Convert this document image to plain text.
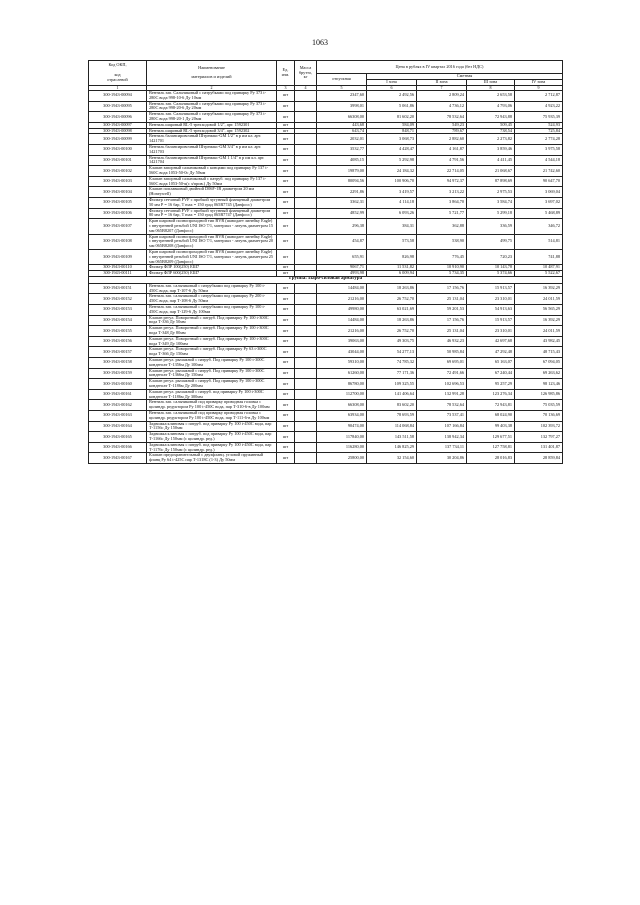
1063
Код ОКП,

код
отраслевой	Наименование

материалов и изделий	Ед.
изм.	Масса
брутто,
кг	Цена в рублях в IV квартал 2016 года (без НДС)				
				отпускная	Сметная			
					I зона	II зона	III зона	IV зона
1	2	3	4	5	6	7	8	9
300-1943-00094	Вентиль зап. Сальниковый с патрубками под приварку Ру 373 t-280С вода 998-10-6 Ду 10мм	шт		2347,60	2 492,56	2 809,24	2 653,58	2 712,87
300-1943-00095	Вентиль зап. Сальниковый с патрубками под приварку Ру 373 t-280С вода 998-20-6 Ду 20мм	шт		3998,01	5 061,86	4 736,12	4 793,06	4 923,22
300-1943-00096	Вентиль зап. Сальниковый с патрубками под приварку Ру 373 t-280С вода 998-20-1 Ду 20мм	шт		66308,00	81 602,20	78 532,64	72 943,88	75 935,39
300-1943-00097	Вентиль шаровый RL-5 трехходовой 1/2", арт. 1592301	шт		443,68	584,09	549,23	509,45	524,93
300-1943-00098	Вентиль шаровый RL-5 трехходовой 3/4", арт. 1592302	шт		643,74	848,71	789,67	738,54	725,84
300-1943-00099	Вентиль балансировочный Штремакс-GM 1/2" в р им кл. арт. 1421701	шт		2032,01	3 068,73	2 882,60	2 273,82	2 774,28
300-1943-00100	Вентиль балансировочный Штремакс-GM 3/4" в р им кл. арт. 1421703	шт		3532,77	4 428,47	4 161,87	3 859,46	3 975,58
300-1943-00101	Вентиль балансировочный Штремакс-GM 1 1/4" в р им кл. арт. 1421704	шт		4085,15	5 292,98	4 791,56	4 411,45	4 544,18
300-1943-00102	Клапан запорный сальниковый с концами под приварку Ру 137 t-560С вода 1053-50-0с Ду 50мм	шт		19879,00	24 184,32	22 714,05	21 068,67	21 742,60
300-1943-00103	Клапан запорный сальниковый с патруб. под приварку Ру 137 t-560С вода 1053-50-к(с э/прив.) Ду 50мм	шт		80094,56	100 906,70	94 972,37	87 898,69	90 647,70
300-1943-00104	Клапан поплавковый двойной D06F-1B диаметром 20 мм (Honeywell)	шт		2291,86	3 419,57	3 213,22	2 975,53	3 069,04
300-1943-00105	Фильтр сетчатый FVF с пробкой чугунный фланцевый диаметром 50 мм Р = 16 бар, Т max = 150 град 065B7745 (Данфосс)	шт		3362,31	4 114,18	3 864,70	3 584,74	3 697,02
300-1943-00106	Фильтр сетчатый FVF с пробкой чугунный фланцевый диаметром 80 мм Р = 16 бар, Т max = 150 град 065B7747 (Данфосс)	шт		4852,99	6 093,26	5 721,77	5 299,18	5 468,89
300-1943-00107	Кран шаровой полнопроходной тип BVR (шаводает линейку Eagle) с внутренней резьбой UNI ISO 7/1, материал - латунь диаметром 15 мм 065B8207 (Данфосс)	шт		296,38	384,31	362,88	336,59	346,72
300-1943-00108	Кран шаровой полнопроходной тип BVR (шаводает линейку Eagle) с внутренней резьбой UNI ISO 7/1, материал - латунь диаметром 20 мм 065B8208 (Данфосс)	шт		454,87	573,58	538,90	499,75	514,81
300-1943-00109	Кран шаровой полнопроходной тип BVR (шаводает линейку Eagle) с внутренней резьбой UNI ISO 7/1, материал - латунь диаметром 25 мм 065B8209 (Данфосс)	шт		655,91	826,98	776,45	720,23	741,88
300-1943-00110	Фильтр ФЛР 100(250) ЕШ7	шт		9067,71	11 531,82	10 910,90	10 143,78	10 487,91
300-1943-00111	Фильтр ФЛР 600(250) ЕШ7	шт		4993,98	6 009,94	5 734,35	5 374,66	5 522,67
Группа: Паро-силовая арматура								
300-1943-00151	Вентиль зап. сальниковый с патрубками под приварку Ру 100 t-450С вода, пар Т-107-6 Ду 50мм	шт		14484,00	18 263,86	17 156,76	15 913,57	16 392,29
300-1943-00152	Вентиль зап. сальниковый с патрубками под приварку Ру 200 t-450С вода, пар Т-108-6 Ду 50мм	шт		21216,00	26 752,70	25 131,04	23 310,01	24 011,59
300-1943-00153	Вентиль зап. сальниковый с патрубками под приварку Ру 100 t-450С вода, пар Т-129-6 Ду 100мм	шт		49980,00	63 021,69	59 201,53	54 913,63	56 565,29
300-1943-00154	Клапан регул. Поворотный с патруб. Под приварку Ру 100 t-300С вода Т-336 Ду 50мм	шт		14484,00	18 263,86	17 156,76	15 913,57	16 392,29
300-1943-00155	Клапан регул. Поворотный с патруб. Под приварку Ру 100 t-300С вода Т-348 Ду 80мм	шт		21216,00	26 752,70	25 131,04	23 310,01	24 011,59
300-1943-00156	Клапан регул. Поворотный с патруб. Под приварку Ру 100 t-300С вода Т-349 Ду 100мм	шт		39063,00	49 303,75	46 932,23	42 697,68	43 982,45
300-1943-00157	Клапан регул. Поворотный с патруб. Под приварку Ру 63 t-300С вода Т-366 Ду 150мм	шт		43044,00	54 277,13	50 985,84	47 292,48	48 715,43
300-1943-00158	Клапан регул. рычажной с патруб. Под приварку Ру 100 t-300С конденсат Т-1356м Ду 100мм	шт		59310,00	74 785,32	69 695,01	65 163,07	67 094,05
300-1943-00159	Клапан регул. рычажной с патруб. Под приварку Ру 100 t-300С конденсат Т-1366м Ду 150мм	шт		61260,00	77 171,36	72 491,66	67 240,44	69 263,62
300-1943-00160	Клапан регул. рычажной с патруб. Под приварку Ру 100 t-300С конденсат Т-1186м Ду 200мм	шт		86780,00	109 325,55	102 696,53	95 257,29	98 123,46
300-1943-00161	Клапан регул. рычажной с патруб. под приварку Ру 100 t-300С конденсат Т-1186м Ду 300мм	шт		112700,00	141 406,64	132 991,28	123 276,34	126 985,86
300-1943-00162	Вентиль зап. сальниковый под приварку приводная головка с цилиндр. редуктором Ру 100 t-450С вода, пар Т-310-6-в Ду 100мм	шт		66308,00	83 602,20	78 532,64	72 943,81	75 035,59
300-1943-00163	Вентиль зап. сальниковый под приварку приводная головка с цилиндр. редуктором Ру 100 t-450С вода, пар Т-111-6-в Ду 100мм	шт		63934,00	78 693,59	73 537,41	68 024,90	70 136,69
300-1943-00164	Задвижка клиновая с патруб. под приварку Ру 100 t-450С вода, пар Т-1156с Ду 150мм	шт		90474,00	114 068,84	107 166,84	99 403,38	102 393,72
300-1943-00165	Задвижка клиновая с патруб. под приварку Ру 100 t-450С вода, пар Т-1166с Ду 150мм (с цилиндр. ред.)	шт		117840,00	143 511,58	138 942,34	129 677,51	132 797,27
300-1943-00166	Задвижка клиновая с патруб. под приварку Ру 100 t-450С вода, пар Т-1176с Ду 150мм (с цилиндр. ред.)	шт		116280,00	146 825,29	137 734,11	127 758,81	131 401,87
300-1943-00167	Клапан предохранительный с двухфланц. угловой пружинный фланц Ру 64 t-425С пар Т-1318С (1-3) Ду 50мм	шт		25800,00	32 154,60	30 204,86	28 016,83	28 859,84
